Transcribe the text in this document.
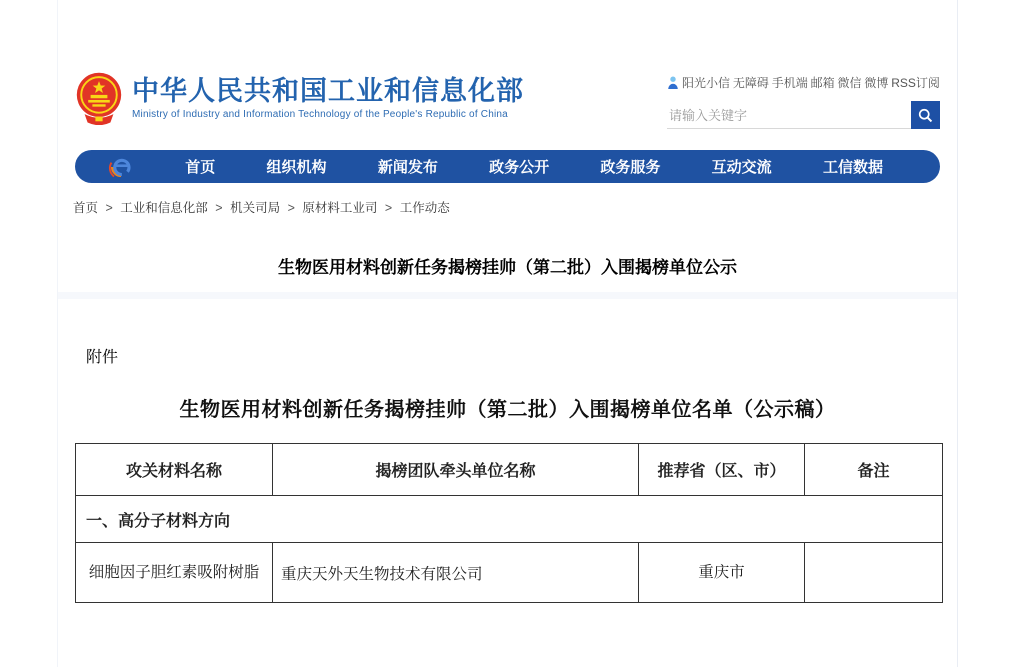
中华人民共和国工业和信息化部
Ministry of Industry and Information Technology of the People's Republic of China
阳光小信 无障碍 手机端 邮箱 微信 微博 RSS订阅
请输入关键字
首页	组织机构	新闻发布	政务公开	政务服务	互动交流	工信数据
首页 > 工业和信息化部 > 机关司局 > 原材料工业司 > 工作动态
生物医用材料创新任务揭榜挂帅（第二批）入围揭榜单位公示
附件
生物医用材料创新任务揭榜挂帅（第二批）入围揭榜单位名单（公示稿）
攻关材料名称	揭榜团队牵头单位名称	推荐省（区、市）	备注
一、高分子材料方向			
细胞因子胆红素吸附树脂	重庆天外天生物技术有限公司	重庆市	
